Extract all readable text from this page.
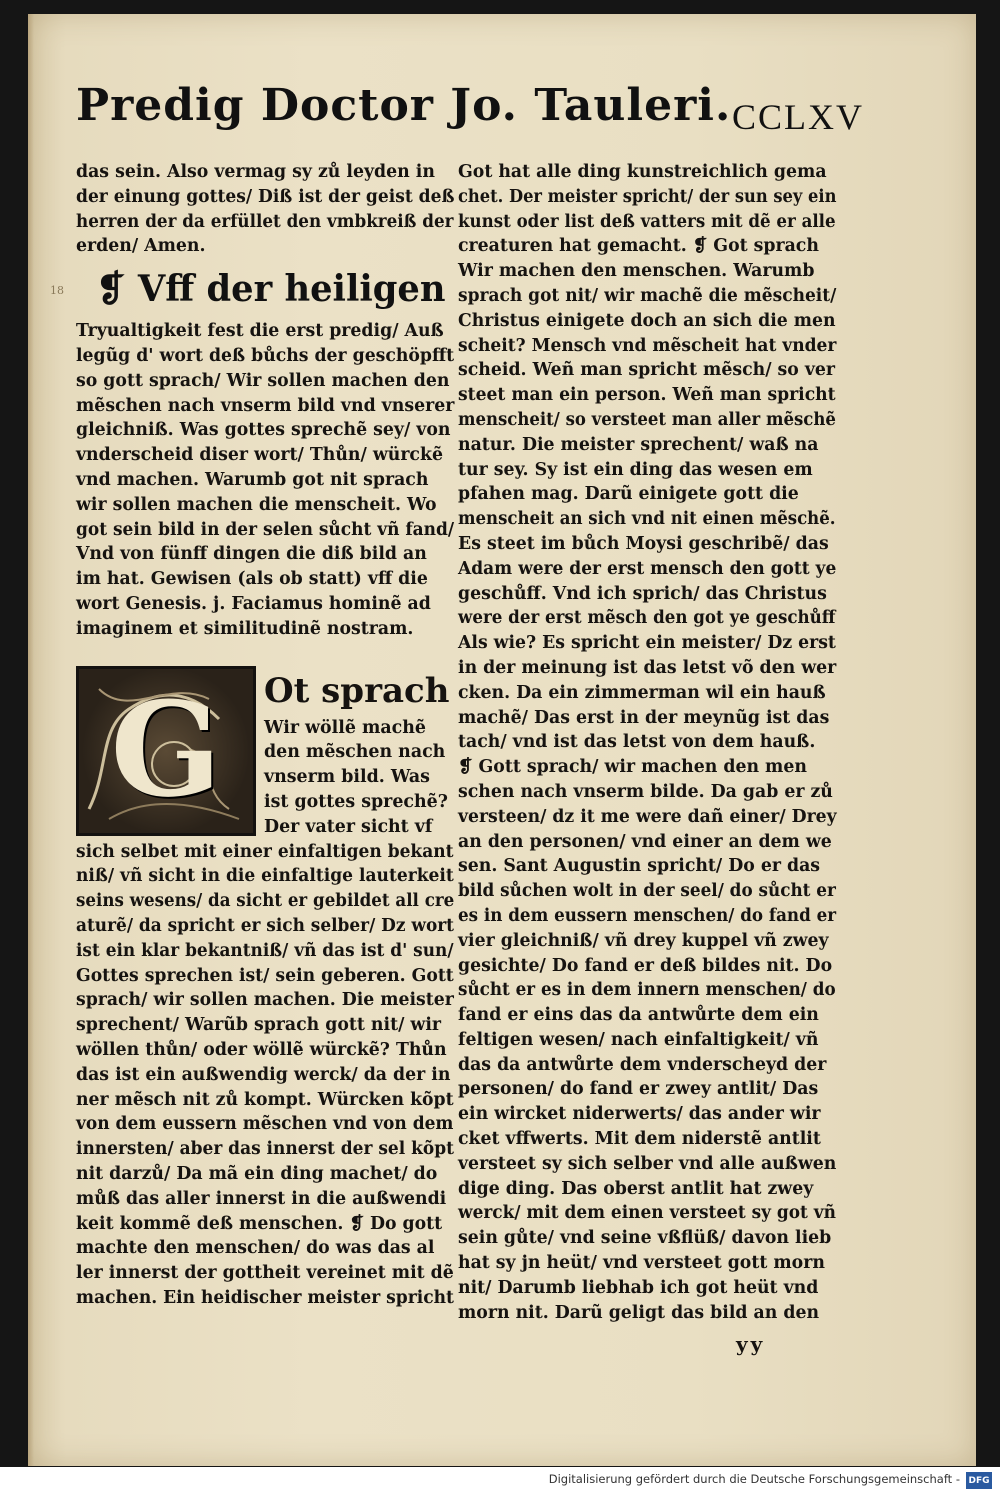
18
Predig Doctor Jo. Tauleri. CCLXV
das sein. Also vermag sy zů leyden in
der einung gottes/ Diß ist der geist deß
herren der da erfüllet den vmbkreiß der
erden/ Amen.
❡ Vff der heiligen
Tryualtigkeit fest die erst predig/ Auß
legũg d' wort deß bůchs der geschöpfft
so gott sprach/ Wir sollen machen den
mẽschen nach vnserm bild vnd vnserer
gleichniß. Was gottes sprechẽ sey/ von
vnderscheid diser wort/ Thůn/ würckẽ
vnd machen. Warumb got nit sprach
wir sollen machen die menscheit. Wo
got sein bild in der selen sůcht vñ fand/
Vnd von fünff dingen die diß bild an
im hat. Gewisen (als ob statt) vff die
wort Genesis. j. Faciamus hominẽ ad
imaginem et similitudinẽ nostram.
G	Ot sprach
Wir wöllẽ machẽ
den mẽschen nach
vnserm bild. Was
ist gottes sprechẽ?
Der vater sicht vf
sich selbet mit einer einfaltigen bekant
niß/ vñ sicht in die einfaltige lauterkeit
seins wesens/ da sicht er gebildet all cre
aturẽ/ da spricht er sich selber/ Dz wort
ist ein klar bekantniß/ vñ das ist d' sun/
Gottes sprechen ist/ sein geberen. Gott
sprach/ wir sollen machen. Die meister
sprechent/ Warũb sprach gott nit/ wir
wöllen thůn/ oder wöllẽ würckẽ? Thůn
das ist ein außwendig werck/ da der in
ner mẽsch nit zů kompt. Würcken kõpt
von dem eussern mẽschen vnd von dem
innersten/ aber das innerst der sel kõpt
nit darzů/ Da mã ein ding machet/ do
můß das aller innerst in die außwendi
keit kommẽ deß menschen. ❡ Do gott
machte den menschen/ do was das al
ler innerst der gottheit vereinet mit dẽ
machen. Ein heidischer meister spricht
Got hat alle ding kunstreichlich gema
chet. Der meister spricht/ der sun sey ein
kunst oder list deß vatters mit dẽ er alle
creaturen hat gemacht. ❡ Got sprach
Wir machen den menschen. Warumb
sprach got nit/ wir machẽ die mẽscheit/
Christus einigete doch an sich die men
scheit? Mensch vnd mẽscheit hat vnder
scheid. Weñ man spricht mẽsch/ so ver
steet man ein person. Weñ man spricht
menscheit/ so versteet man aller mẽschẽ
natur. Die meister sprechent/ waß na
tur sey. Sy ist ein ding das wesen em
pfahen mag. Darũ einigete gott die
menscheit an sich vnd nit einen mẽschẽ.
Es steet im bůch Moysi geschribẽ/ das
Adam were der erst mensch den gott ye
geschůff. Vnd ich sprich/ das Christus
were der erst mẽsch den got ye geschůff
Als wie? Es spricht ein meister/ Dz erst
in der meinung ist das letst võ den wer
cken. Da ein zimmerman wil ein hauß
machẽ/ Das erst in der meynũg ist das
tach/ vnd ist das letst von dem hauß.
❡ Gott sprach/ wir machen den men
schen nach vnserm bilde. Da gab er zů
versteen/ dz it me were dañ einer/ Drey
an den personen/ vnd einer an dem we
sen. Sant Augustin spricht/ Do er das
bild sůchen wolt in der seel/ do sůcht er
es in dem eussern menschen/ do fand er
vier gleichniß/ vñ drey kuppel vñ zwey
gesichte/ Do fand er deß bildes nit. Do
sůcht er es in dem innern menschen/ do
fand er eins das da antwůrte dem ein
feltigen wesen/ nach einfaltigkeit/ vñ
das da antwůrte dem vnderscheyd der
personen/ do fand er zwey antlit/ Das
ein wircket niderwerts/ das ander wir
cket vffwerts. Mit dem niderstẽ antlit
versteet sy sich selber vnd alle außwen
dige ding. Das oberst antlit hat zwey
werck/ mit dem einen versteet sy got vñ
sein gůte/ vnd seine vßflüß/ davon lieb
hat sy jn heüt/ vnd versteet gott morn
nit/ Darumb liebhab ich got heüt vnd
morn nit. Darũ geligt das bild an den
yy
Digitalisierung gefördert durch die Deutsche Forschungsgemeinschaft - DFG
